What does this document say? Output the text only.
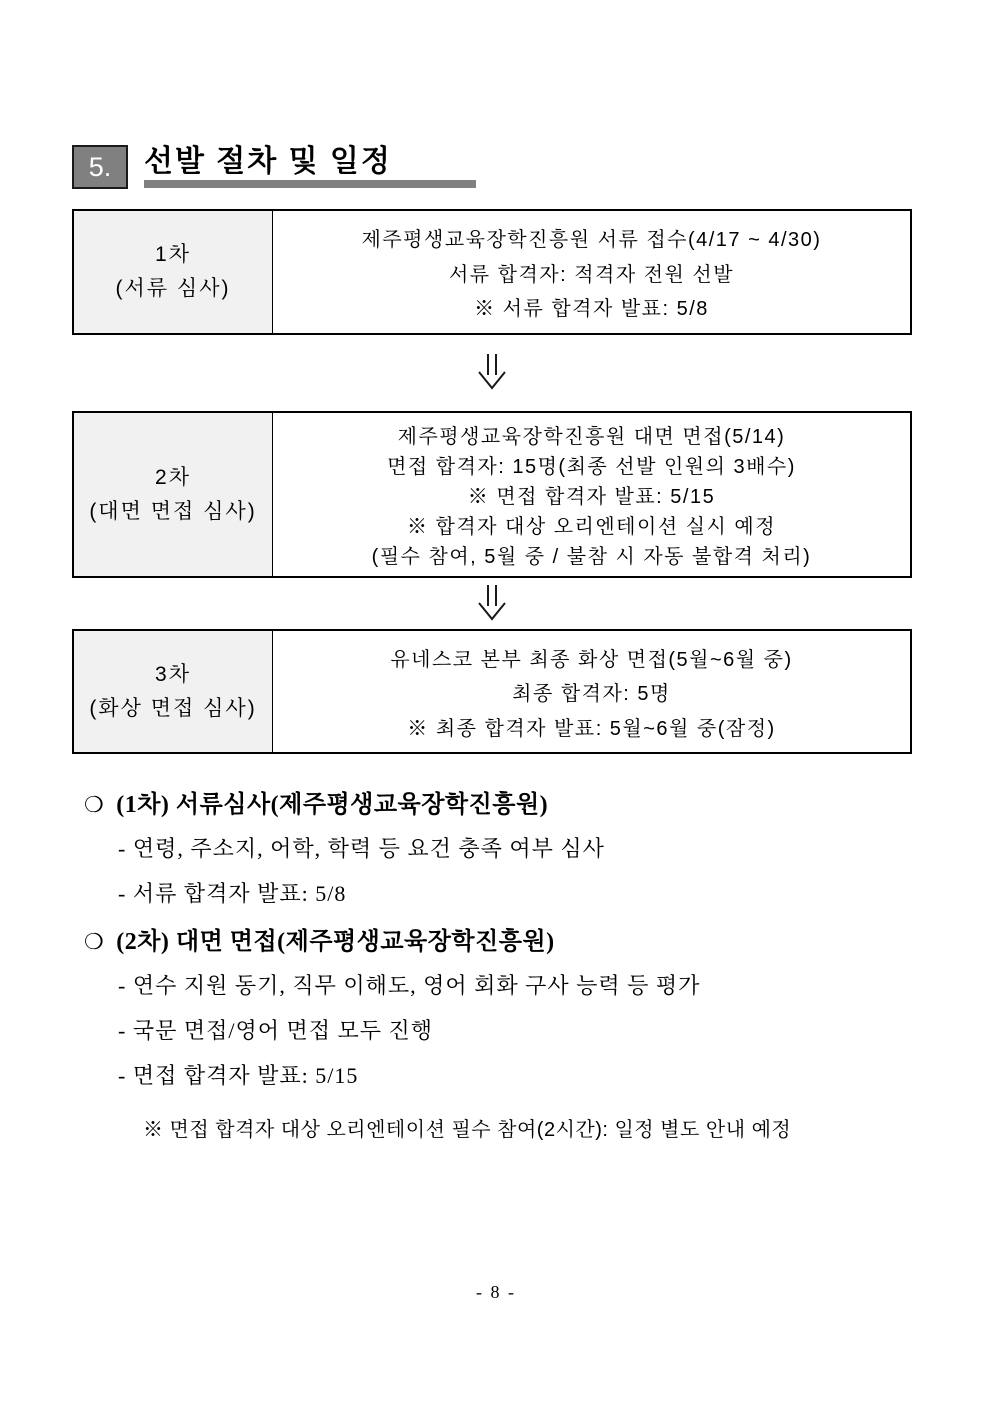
5.	선발 절차 및 일정
1차
(서류 심사)
제주평생교육장학진흥원 서류 접수(4/17 ~ 4/30)
서류 합격자: 적격자 전원 선발
※ 서류 합격자 발표: 5/8
2차
(대면 면접 심사)
제주평생교육장학진흥원 대면 면접(5/14)
면접 합격자: 15명(최종 선발 인원의 3배수)
※ 면접 합격자 발표: 5/15
※ 합격자 대상 오리엔테이션 실시 예정
(필수 참여, 5월 중 / 불참 시 자동 불합격 처리)
3차
(화상 면접 심사)
유네스코 본부 최종 화상 면접(5월~6월 중)
최종 합격자: 5명
※ 최종 합격자 발표: 5월~6월 중(잠정)
❍ (1차) 서류심사(제주평생교육장학진흥원)
- 연령, 주소지, 어학, 학력 등 요건 충족 여부 심사
- 서류 합격자 발표: 5/8
❍ (2차) 대면 면접(제주평생교육장학진흥원)
- 연수 지원 동기, 직무 이해도, 영어 회화 구사 능력 등 평가
- 국문 면접/영어 면접 모두 진행
- 면접 합격자 발표: 5/15
※ 면접 합격자 대상 오리엔테이션 필수 참여(2시간): 일정 별도 안내 예정
- 8 -
